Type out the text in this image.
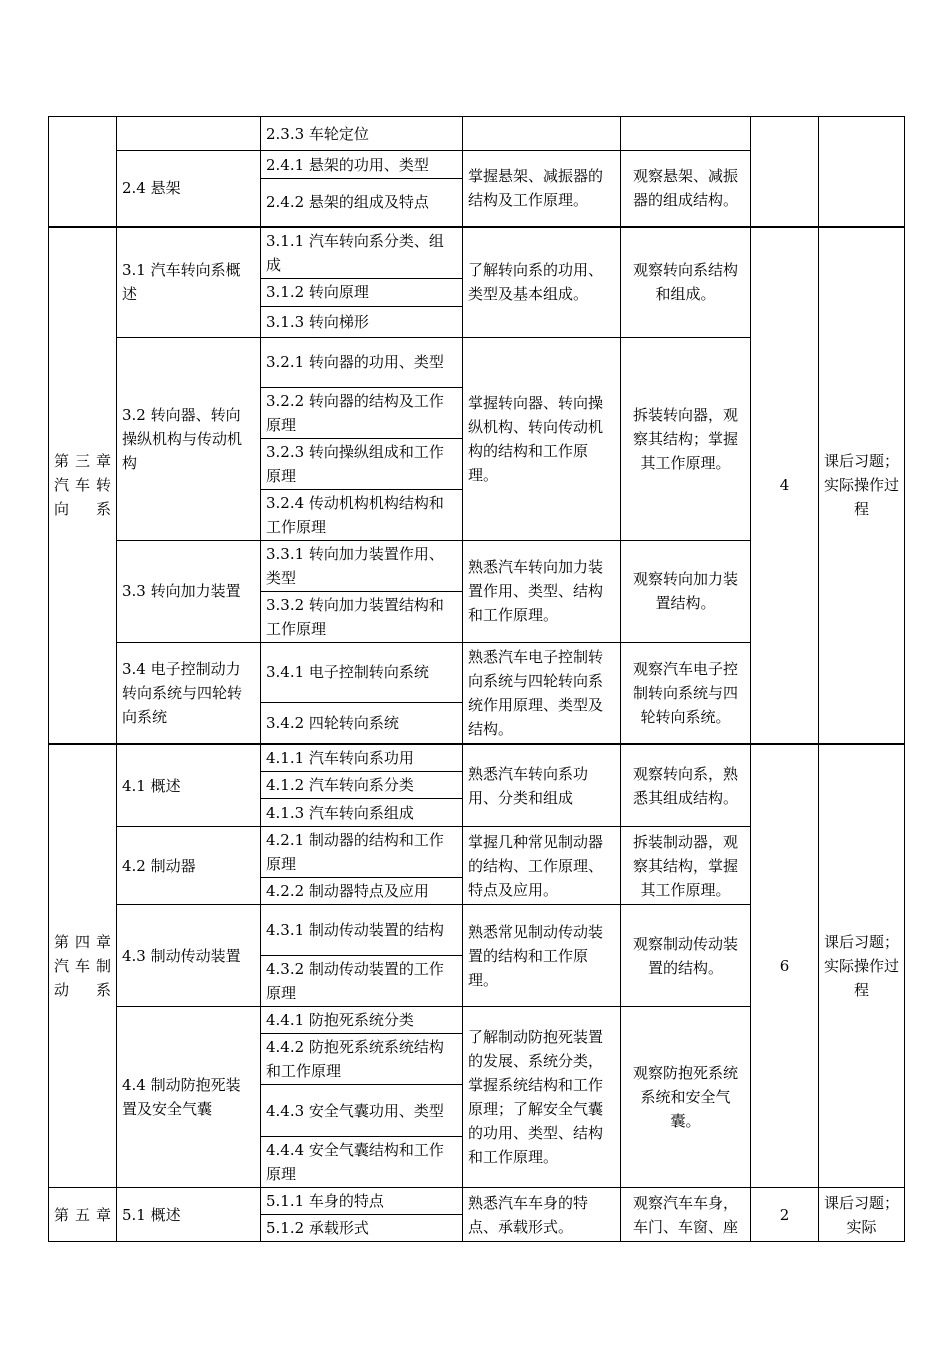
		2.3.3 车轮定位				
	2.4 悬架	2.4.1 悬架的功用、类型	掌握悬架、减振器的结构及工作原理。	观察悬架、减振器的组成结构。		
		2.4.2 悬架的组成及特点				
第三章汽车转向系	3.1 汽车转向系概述	3.1.1 汽车转向系分类、组成	了解转向系的功用、类型及基本组成。	观察转向系结构和组成。	4	课后习题；实际操作过程
		3.1.2 转向原理				
		3.1.3 转向梯形				
	3.2 转向器、转向操纵机构与传动机构	3.2.1 转向器的功用、类型	掌握转向器、转向操纵机构、转向传动机构的结构和工作原理。	拆装转向器，观察其结构；掌握其工作原理。		
		3.2.2 转向器的结构及工作原理				
		3.2.3 转向操纵组成和工作原理				
		3.2.4 传动机构机构结构和工作原理				
	3.3 转向加力装置	3.3.1 转向加力装置作用、类型	熟悉汽车转向加力装置作用、类型、结构和工作原理。	观察转向加力装置结构。		
		3.3.2 转向加力装置结构和工作原理				
	3.4 电子控制动力转向系统与四轮转向系统	3.4.1 电子控制转向系统	熟悉汽车电子控制转向系统与四轮转向系统作用原理、类型及结构。	观察汽车电子控制转向系统与四轮转向系统。		
		3.4.2 四轮转向系统				
第四章汽车制动系	4.1 概述	4.1.1 汽车转向系功用	熟悉汽车转向系功用、分类和组成	观察转向系，熟悉其组成结构。	6	课后习题；实际操作过程
		4.1.2 汽车转向系分类				
		4.1.3 汽车转向系组成				
	4.2 制动器	4.2.1 制动器的结构和工作原理	掌握几种常见制动器的结构、工作原理、特点及应用。	拆装制动器，观察其结构，掌握其工作原理。		
		4.2.2 制动器特点及应用				
	4.3 制动传动装置	4.3.1 制动传动装置的结构	熟悉常见制动传动装置的结构和工作原理。	观察制动传动装置的结构。		
		4.3.2 制动传动装置的工作原理				
	4.4 制动防抱死装置及安全气囊	4.4.1 防抱死系统分类	了解制动防抱死装置的发展、系统分类，掌握系统结构和工作原理；了解安全气囊的功用、类型、结构和工作原理。	观察防抱死系统系统和安全气囊。		
		4.4.2 防抱死系统系统结构和工作原理				
		4.4.3 安全气囊功用、类型				
		4.4.4 安全气囊结构和工作原理				
第五章	5.1 概述	5.1.1 车身的特点	熟悉汽车车身的特点、承载形式。	观察汽车车身，车门、车窗、座	2	课后习题；实际
		5.1.2 承载形式				
